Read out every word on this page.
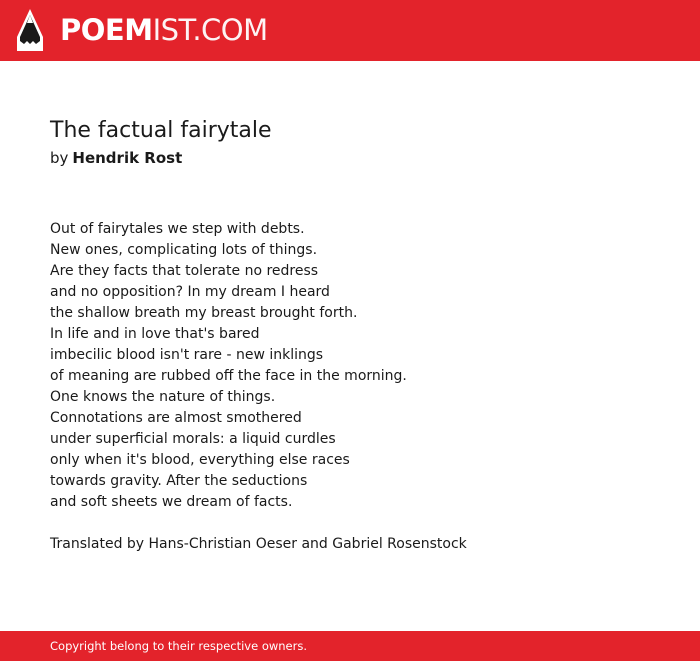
POEMIST.COM
The factual fairytale
by Hendrik Rost
Out of fairytales we step with debts.
New ones, complicating lots of things.
Are they facts that tolerate no redress
and no opposition? In my dream I heard
the shallow breath my breast brought forth.
In life and in love that's bared
imbecilic blood isn't rare - new inklings
of meaning are rubbed off the face in the morning.
One knows the nature of things.
Connotations are almost smothered
under superficial morals: a liquid curdles
only when it's blood, everything else races
towards gravity. After the seductions
and soft sheets we dream of facts.
Translated by Hans-Christian Oeser and Gabriel Rosenstock
Copyright belong to their respective owners.
